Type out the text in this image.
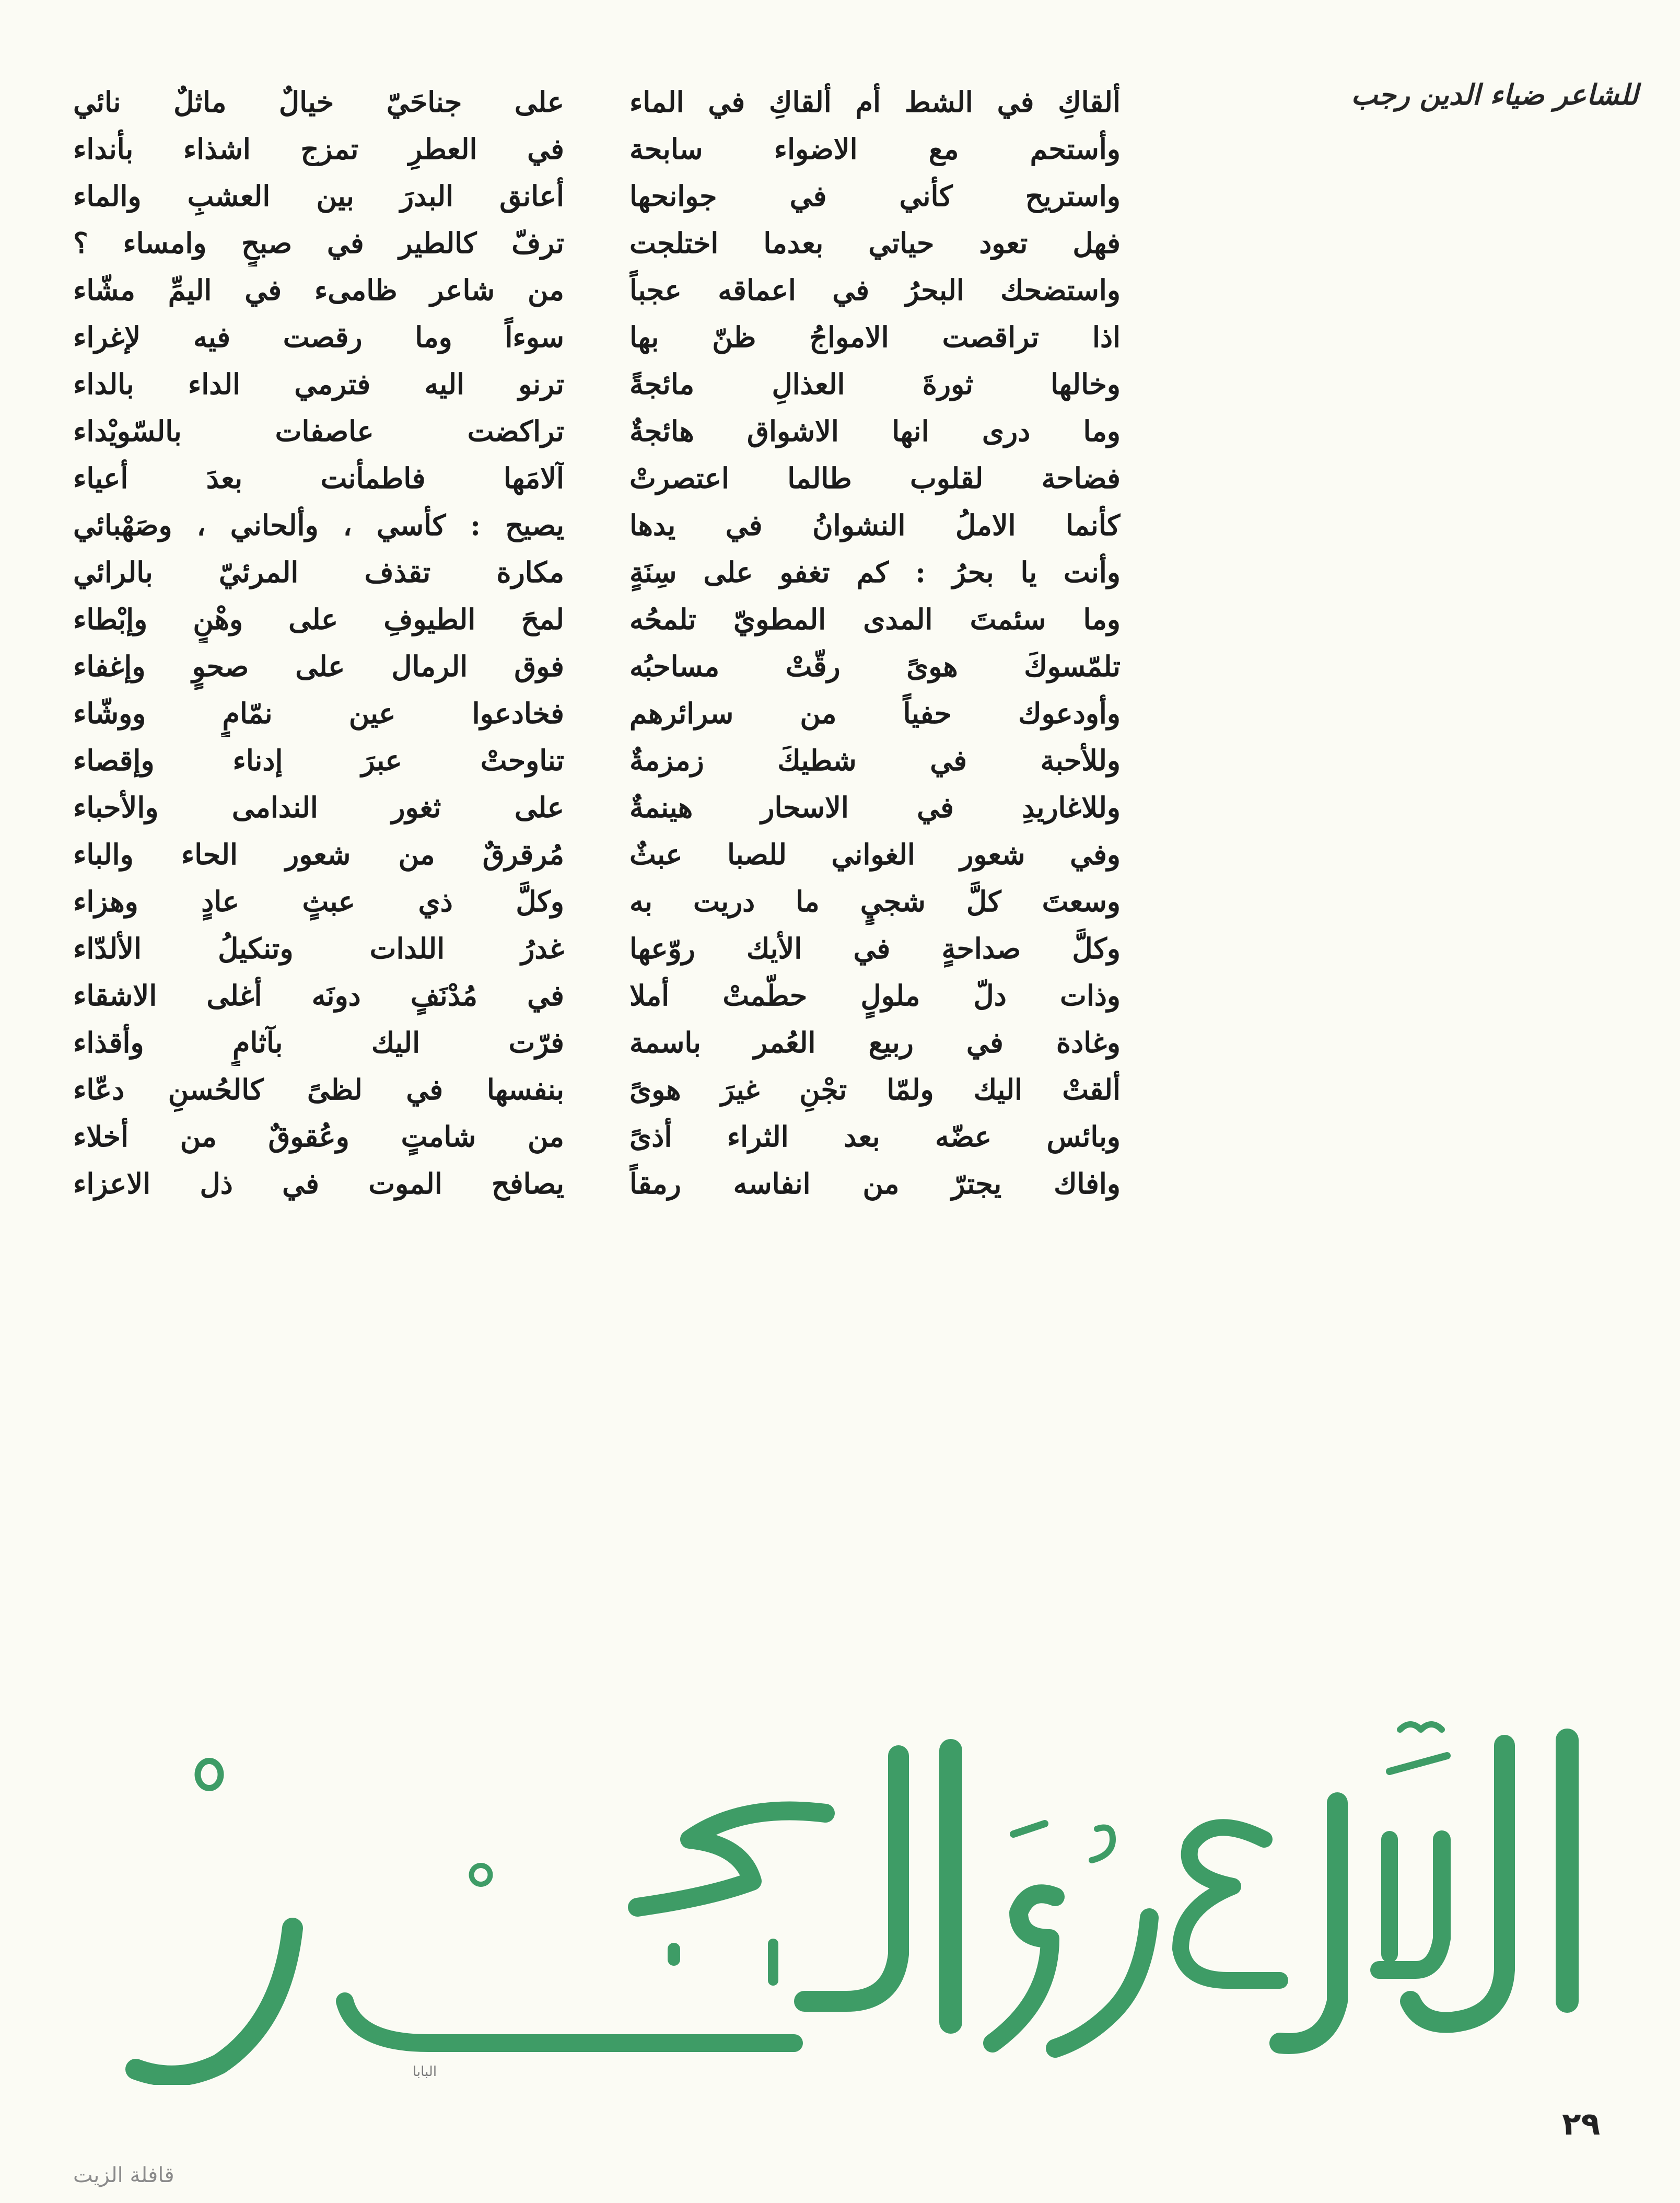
للشاعر ضياء الدين رجب
ألقاكِ في الشط أم ألقاكِ في الماء
وأستحم مع الاضواء سابحة
واستريح كأني في جوانحها
فهل تعود حياتي بعدما اختلجت
واستضحك البحرُ في اعماقه عجباً
اذا تراقصت الامواجُ ظنّ بها
وخالها ثورةَ العذالِ مائجةً
وما درى انها الاشواق هائجةٌ
فضاحة لقلوب طالما اعتصرتْ
كأنما الاملُ النشوانُ في يدها
وأنت يا بحرُ : كم تغفو على سِنَةٍ
وما سئمتَ المدى المطويّ تلمحُه
تلمّسوكَ هوىً رقّتْ مساحبُه
وأودعوك حفياً من سرائرهم
وللأحبة في شطيكَ زمزمةٌ
وللاغاريدِ في الاسحار هينمةٌ
وفي شعور الغواني للصبا عبثٌ
وسعتَ كلَّ شجيٍ ما دريت به
وكلَّ صداحةٍ في الأيك روّعها
وذات دلّ ملولٍ حطّمتْ أملا
وغادة في ربيع العُمر باسمة
ألقتْ اليك ولمّا تجْنِ غيرَ هوىً
وبائس عضّه بعد الثراء أذىً
وافاك يجترّ من انفاسه رمقاً
على جناحَيّ خيالٌ ماثلٌ نائي
في العطرِ تمزج اشذاء بأنداء
أعانق البدرَ بين العشبِ والماء
ترفّ كالطير في صبحٍ وامساء ؟
من شاعر ظامىء في اليمِّ مشّاء
سوءاً وما رقصت فيه لإغراء
ترنو اليه فترمي الداء بالداء
تراكضت عاصفات بالسّويْداء
آلامَها فاطمأنت بعدَ أعياء
يصيح : كأسي ، وألحاني ، وصَهْبائي
مكارة تقذف المرئيّ بالرائي
لمحَ الطيوفِ على وهْنٍ وإبْطاء
فوق الرمال على صحوٍ وإغفاء
فخادعوا عين نمّامٍ ووشّاء
تناوحتْ عبرَ إدناء وإقصاء
على ثغور الندامى والأحباء
مُرقرقٌ من شعور الحاء والباء
وكلَّ ذي عبثٍ عادٍ وهزاء
غدرُ اللدات وتنكيلُ الألدّاء
في مُدْنَفٍ دونَه أغلى الاشقاء
فرّت اليك بآثامٍ وأقذاء
بنفسها في لظىً كالحُسنِ دعّاء
من شامتٍ وعُقوقٌ من أخلاء
يصافح الموت في ذل الاعزاء
البابا
٢٩
قافلة الزيت
